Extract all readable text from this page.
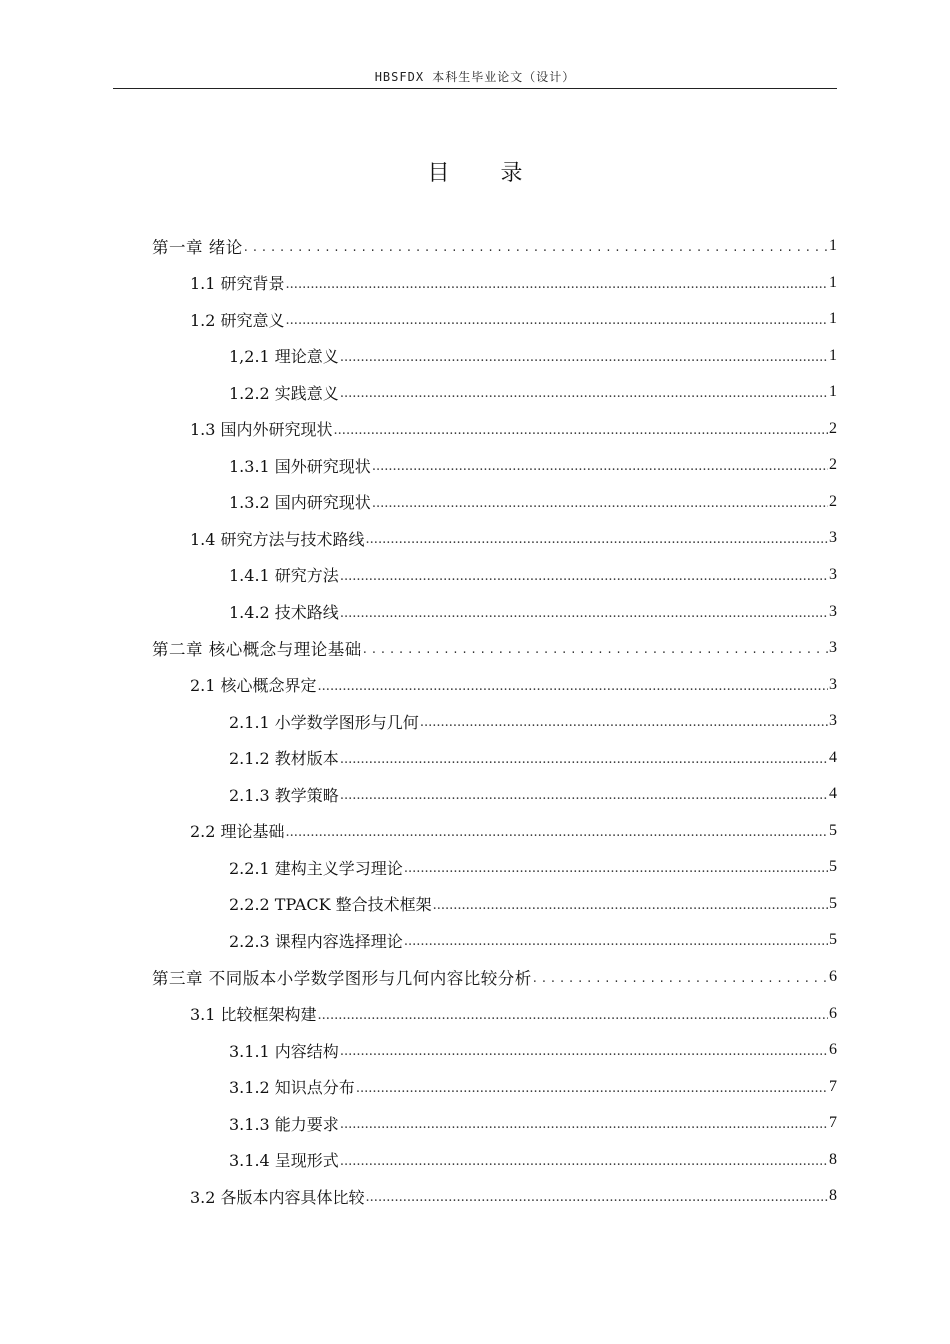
HBSFDX 本科生毕业论文（设计）
目 录
第一章 绪论 . . .	1
1.1 研究背景 .....	1
1.2 研究意义 .....	1
1,2.1 理论意义 .....	1
1.2.2 实践意义 .....	1
1.3 国内外研究现状 .....	2
1.3.1 国外研究现状 .....	2
1.3.2 国内研究现状 .....	2
1.4 研究方法与技术路线 .....	3
1.4.1 研究方法 .....	3
1.4.2 技术路线 .....	3
第二章 核心概念与理论基础 . . .	3
2.1 核心概念界定 .....	3
2.1.1 小学数学图形与几何 .....	3
2.1.2 教材版本 .....	4
2.1.3 教学策略 .....	4
2.2 理论基础 .....	5
2.2.1 建构主义学习理论 .....	5
2.2.2 TPACK 整合技术框架 .....	5
2.2.3 课程内容选择理论 .....	5
第三章 不同版本小学数学图形与几何内容比较分析 . . .	6
3.1 比较框架构建 .....	6
3.1.1 内容结构 .....	6
3.1.2 知识点分布 .....	7
3.1.3 能力要求 .....	7
3.1.4 呈现形式 .....	8
3.2 各版本内容具体比较 .....	8
